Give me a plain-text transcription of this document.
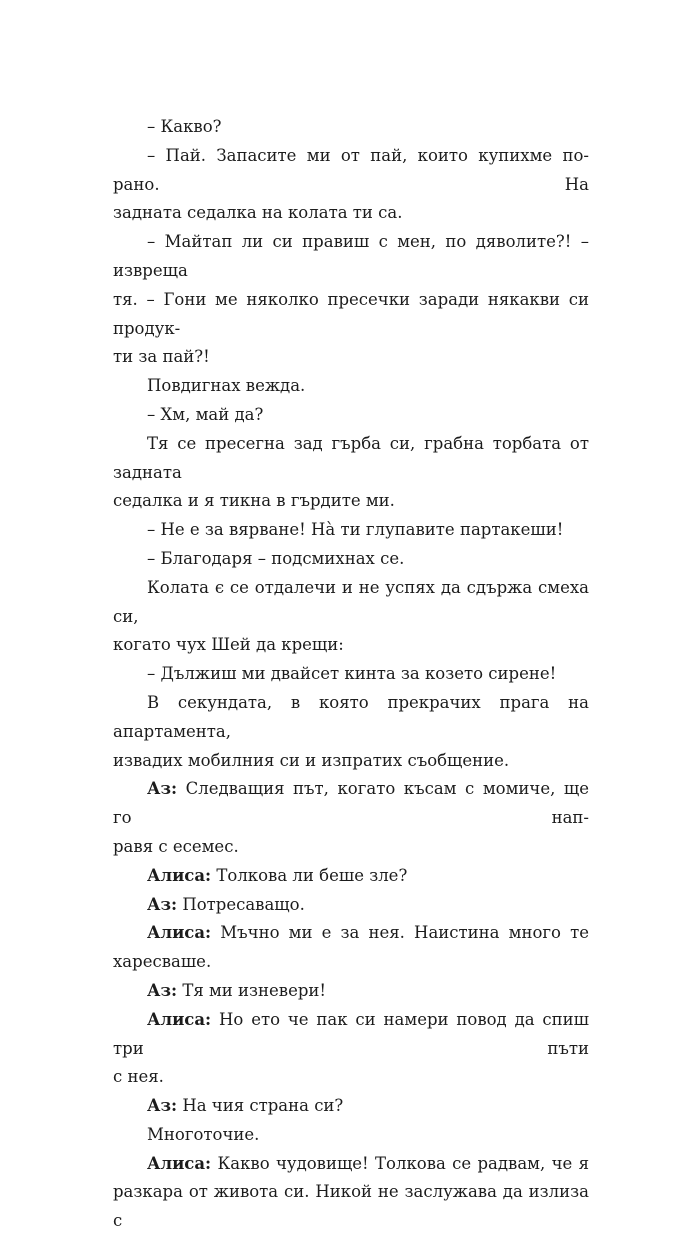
– Какво?
– Пай. Запасите ми от пай, които купихме по-рано. На
задната седалка на колата ти са.
– Майтап ли си правиш с мен, по дяволите?! – извреща
тя. – Гони ме няколко пресечки заради някакви си продук-
ти за пай?!
Повдигнах вежда.
– Хм, май да?
Тя се пресегна зад гърба си, грабна торбата от задната
седалка и я тикна в гърдите ми.
– Не е за вярване! Нà ти глупавите партакеши!
– Благодаря – подсмихнах се.
Колата є се отдалечи и не успях да сдържа смеха си,
когато чух Шей да крещи:
– Дължиш ми двайсет кинта за козето сирене!
В секундата, в която прекрачих прага на апартамента,
извадих мобилния си и изпратих съобщение.
Аз: Следващия път, когато късам с момиче, ще го нап-
равя с есемес.
Алиса: Толкова ли беше зле?
Аз: Потресаващо.
Алиса: Мъчно ми е за нея. Наистина много те
харесваше.
Аз: Тя ми изневери!
Алиса: Но ето че пак си намери повод да спиш три пъти
с нея.
Аз: На чия страна си?
Многоточие.
Алиса: Какво чудовище! Толкова се радвам, че я
разкара от живота си. Никой не заслужава да излиза с
